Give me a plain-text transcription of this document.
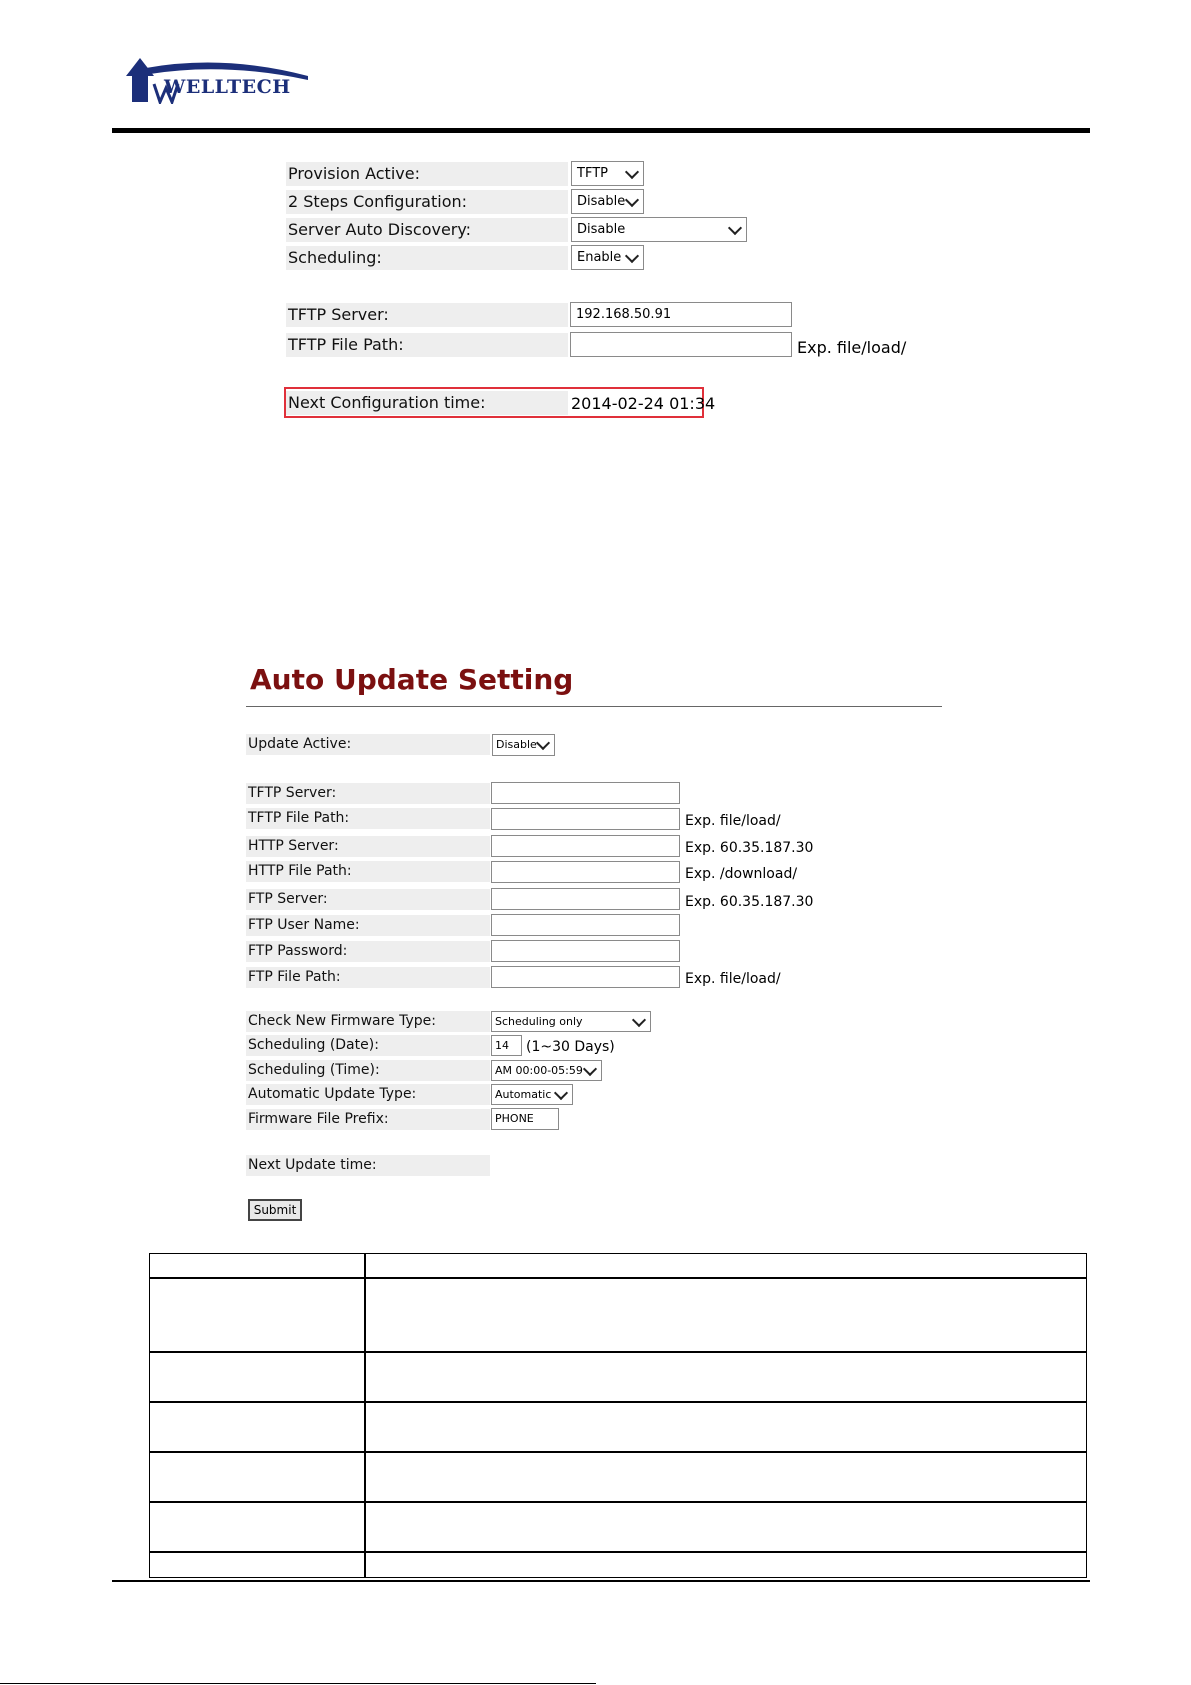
WELLTECH
Provision Active:	TFTP
2 Steps Configuration:	Disable
Server Auto Discovery:	Disable
Scheduling:	Enable
TFTP Server:	192.168.50.91
TFTP File Path:	Exp. file/load/
Next Configuration time:	2014-02-24 01:34
Auto Update Setting
Update Active:	Disable
TFTP Server:
TFTP File Path:	Exp. file/load/
HTTP Server:	Exp. 60.35.187.30
HTTP File Path:	Exp. /download/
FTP Server:	Exp. 60.35.187.30
FTP User Name:
FTP Password:
FTP File Path:	Exp. file/load/
Check New Firmware Type:	Scheduling only
Scheduling (Date):	14	(1~30 Days)
Scheduling (Time):	AM 00:00-05:59
Automatic Update Type:	Automatic
Firmware File Prefix:	PHONE
Next Update time:
Submit
